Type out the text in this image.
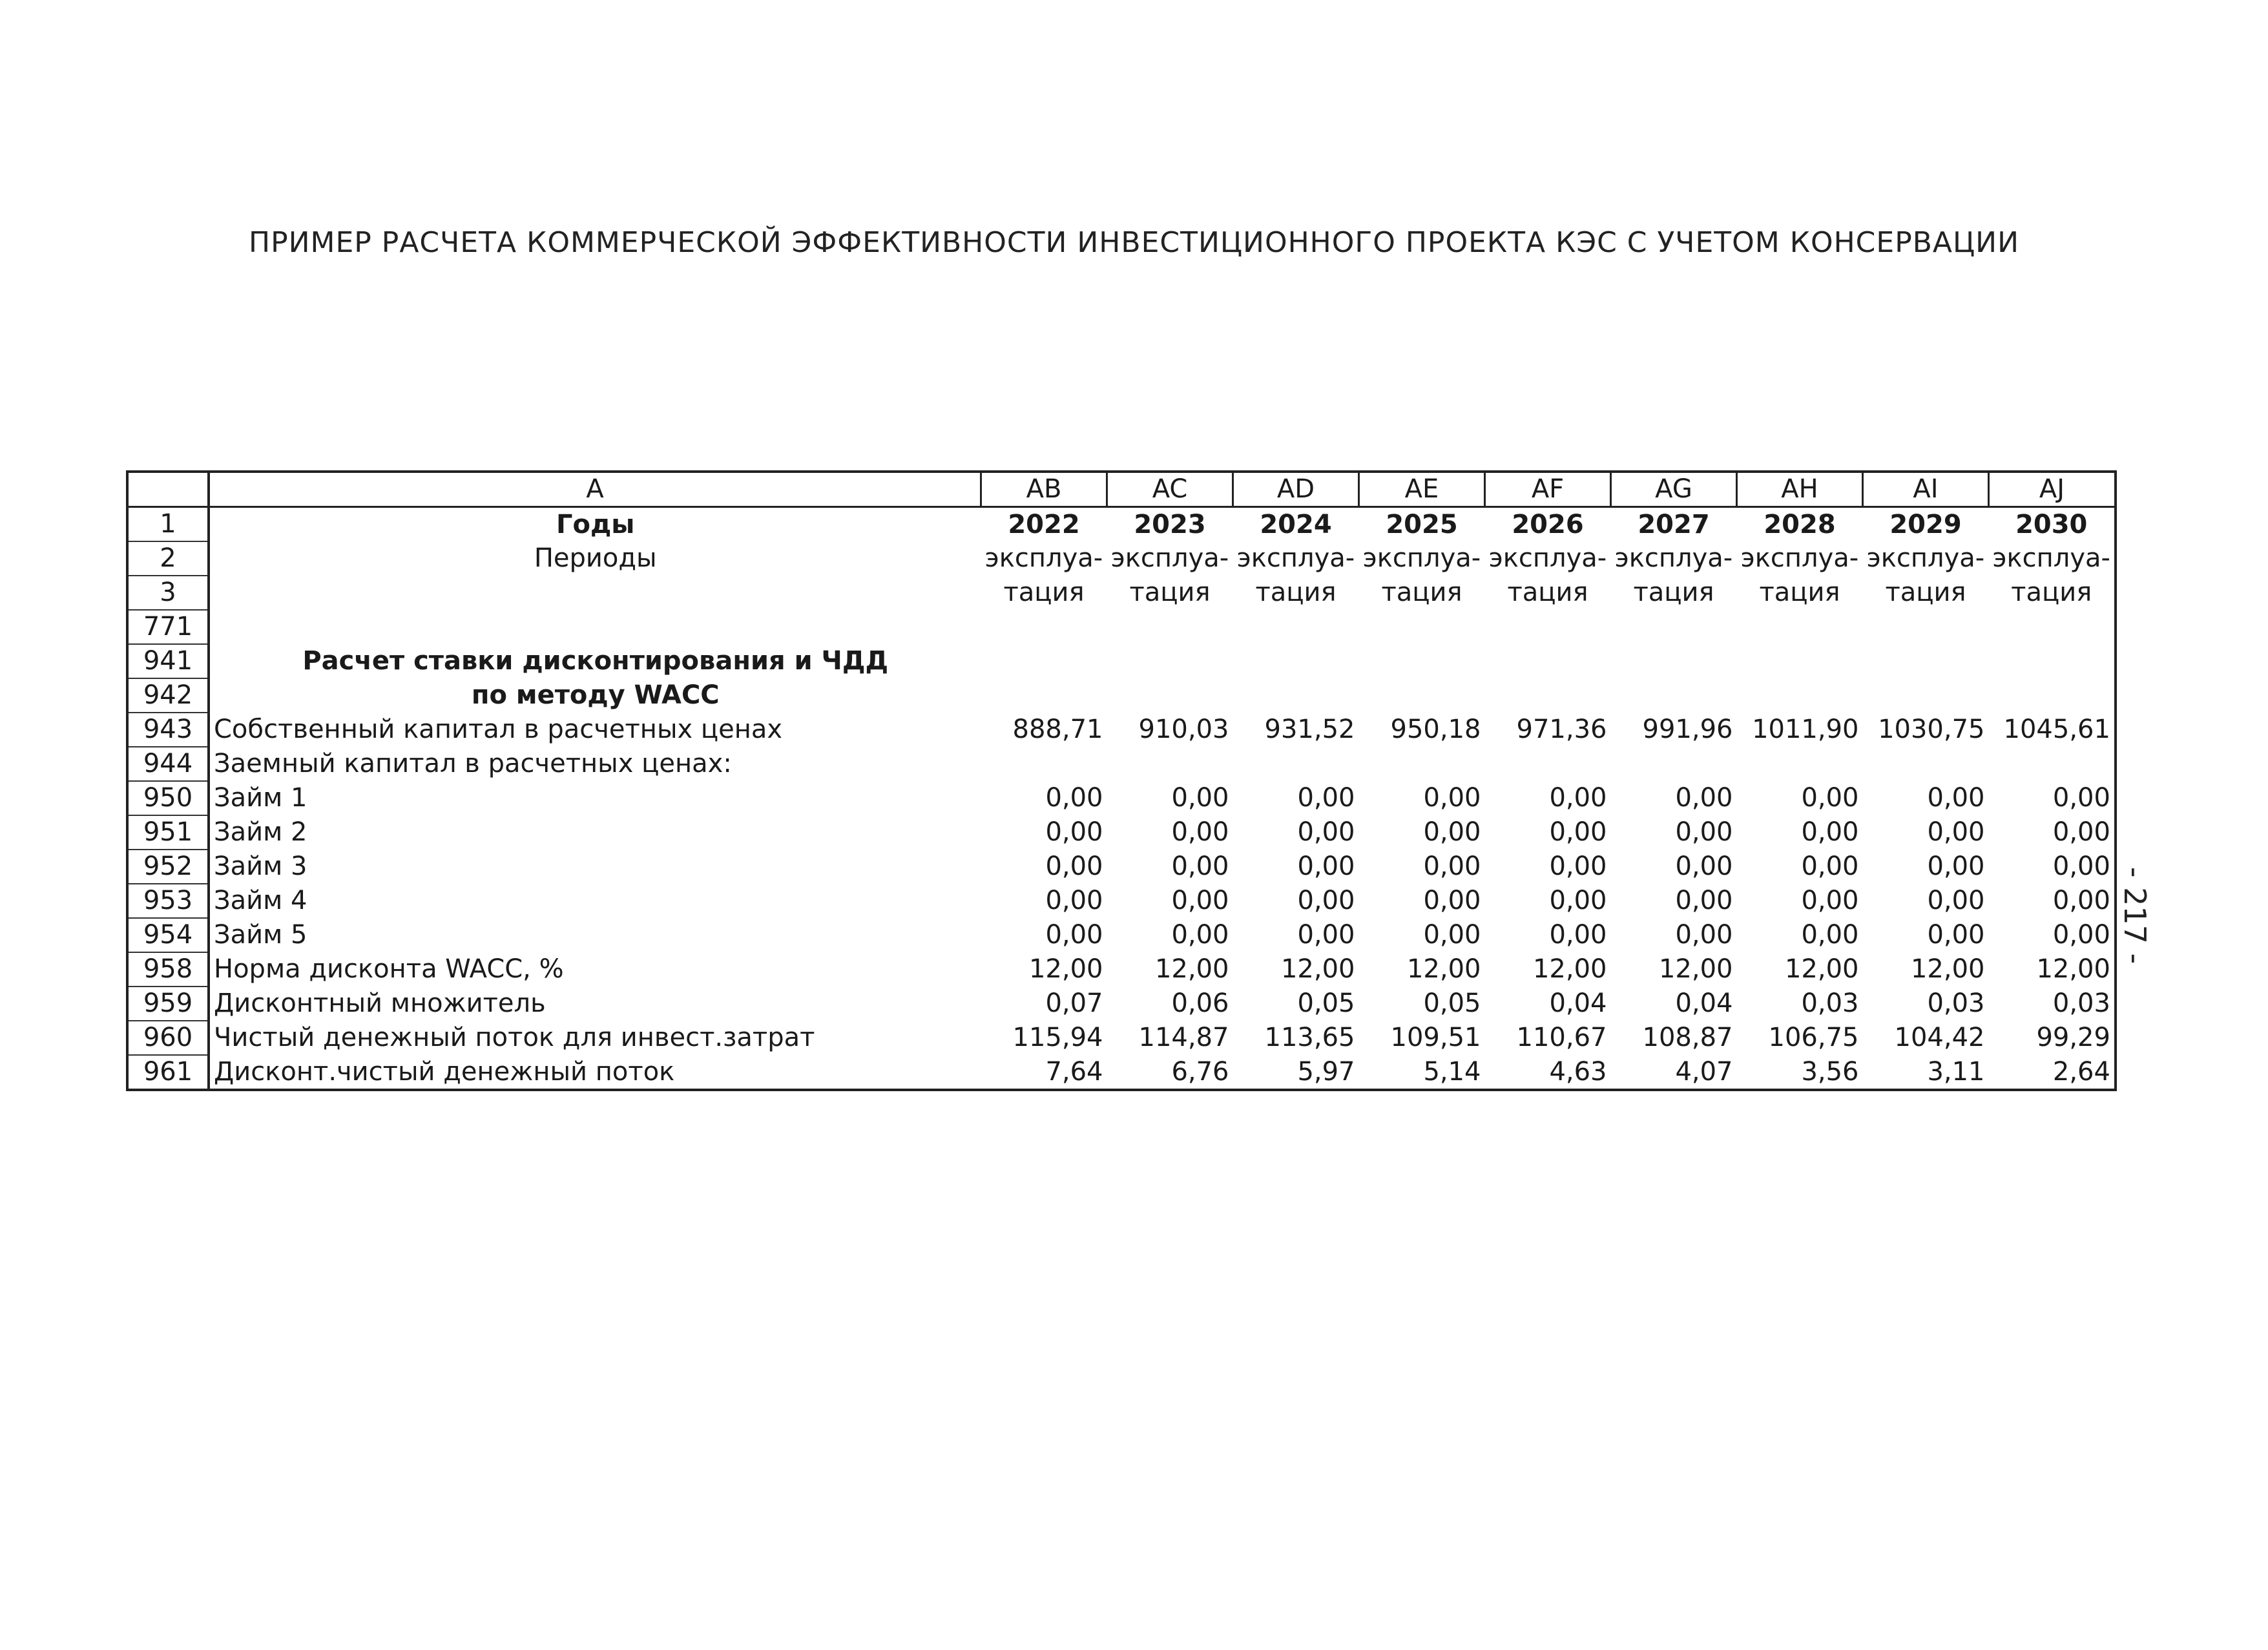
ПРИМЕР РАСЧЕТА КОММЕРЧЕСКОЙ ЭФФЕКТИВНОСТИ ИНВЕСТИЦИОННОГО ПРОЕКТА КЭС С УЧЕТОМ КОНСЕРВАЦИИ
- 217 -
	A	AB	AC	AD	AE	AF	AG	AH	AI	AJ
1	Годы	2022	2023	2024	2025	2026	2027	2028	2029	2030
2	Периоды	эксплуа-	эксплуа-	эксплуа-	эксплуа-	эксплуа-	эксплуа-	эксплуа-	эксплуа-	эксплуа-
3		тация	тация	тация	тация	тация	тация	тация	тация	тация
771										
941	Расчет ставки дисконтирования и ЧДД									
942	по методу WACC									
943	Собственный капитал в расчетных ценах	888,71	910,03	931,52	950,18	971,36	991,96	1011,90	1030,75	1045,61
944	Заемный капитал в расчетных ценах:									
950	Займ 1	0,00	0,00	0,00	0,00	0,00	0,00	0,00	0,00	0,00
951	Займ 2	0,00	0,00	0,00	0,00	0,00	0,00	0,00	0,00	0,00
952	Займ 3	0,00	0,00	0,00	0,00	0,00	0,00	0,00	0,00	0,00
953	Займ 4	0,00	0,00	0,00	0,00	0,00	0,00	0,00	0,00	0,00
954	Займ 5	0,00	0,00	0,00	0,00	0,00	0,00	0,00	0,00	0,00
958	Норма дисконта WACC, %	12,00	12,00	12,00	12,00	12,00	12,00	12,00	12,00	12,00
959	Дисконтный множитель	0,07	0,06	0,05	0,05	0,04	0,04	0,03	0,03	0,03
960	Чистый денежный поток для инвест.затрат	115,94	114,87	113,65	109,51	110,67	108,87	106,75	104,42	99,29
961	Дисконт.чистый денежный поток	7,64	6,76	5,97	5,14	4,63	4,07	3,56	3,11	2,64
